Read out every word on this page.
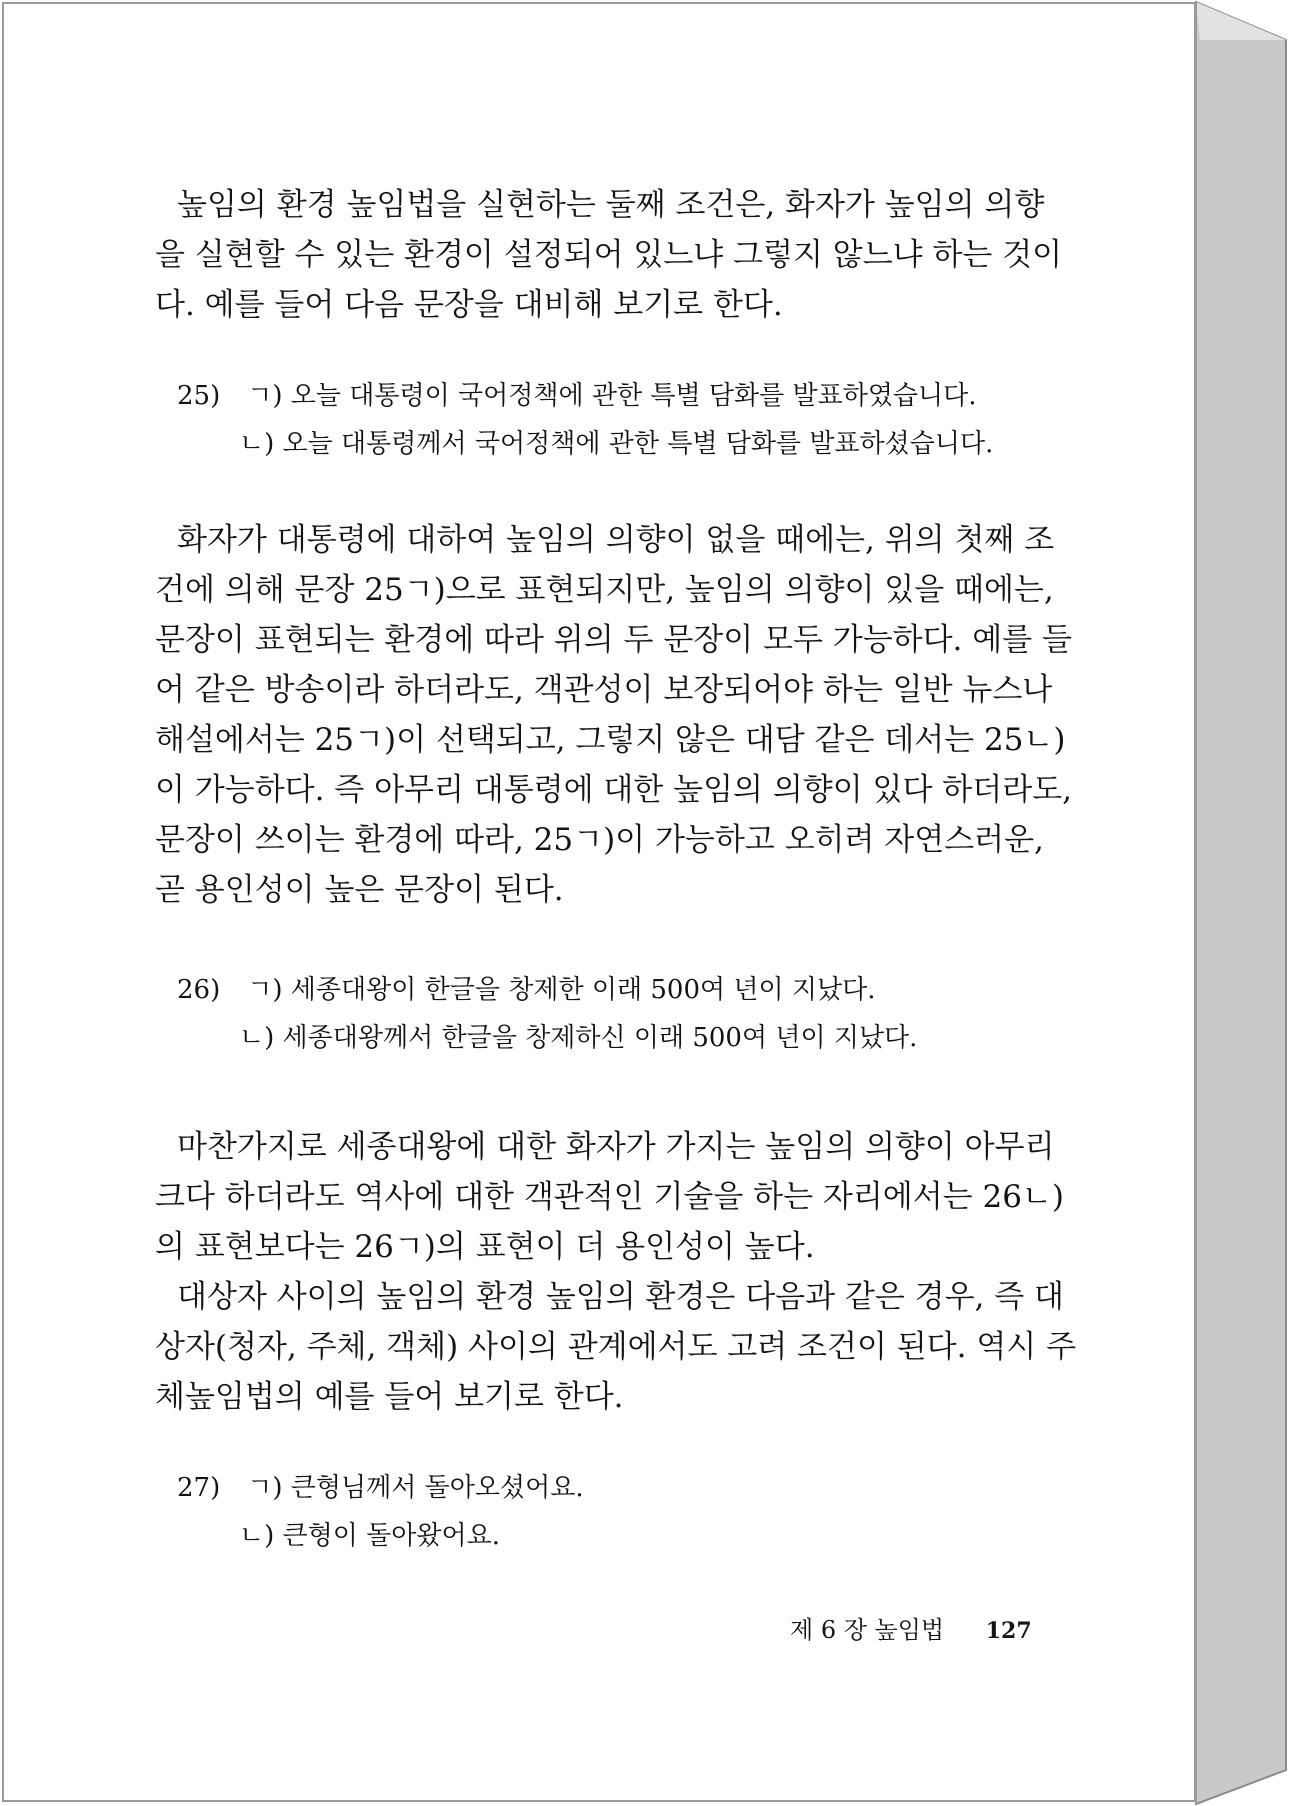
높임의 환경 높임법을 실현하는 둘째 조건은, 화자가 높임의 의향
을 실현할 수 있는 환경이 설정되어 있느냐 그렇지 않느냐 하는 것이
다. 예를 들어 다음 문장을 대비해 보기로 한다.

25) ㄱ) 오늘 대통령이 국어정책에 관한 특별 담화를 발표하였습니다.
ㄴ) 오늘 대통령께서 국어정책에 관한 특별 담화를 발표하셨습니다.

화자가 대통령에 대하여 높임의 의향이 없을 때에는, 위의 첫째 조
건에 의해 문장 25ㄱ)으로 표현되지만, 높임의 의향이 있을 때에는,
문장이 표현되는 환경에 따라 위의 두 문장이 모두 가능하다. 예를 들
어 같은 방송이라 하더라도, 객관성이 보장되어야 하는 일반 뉴스나
해설에서는 25ㄱ)이 선택되고, 그렇지 않은 대담 같은 데서는 25ㄴ)
이 가능하다. 즉 아무리 대통령에 대한 높임의 의향이 있다 하더라도,
문장이 쓰이는 환경에 따라, 25ㄱ)이 가능하고 오히려 자연스러운,
곧 용인성이 높은 문장이 된다.

26) ㄱ) 세종대왕이 한글을 창제한 이래 500여 년이 지났다.
ㄴ) 세종대왕께서 한글을 창제하신 이래 500여 년이 지났다.

마찬가지로 세종대왕에 대한 화자가 가지는 높임의 의향이 아무리
크다 하더라도 역사에 대한 객관적인 기술을 하는 자리에서는 26ㄴ)
의 표현보다는 26ㄱ)의 표현이 더 용인성이 높다.

대상자 사이의 높임의 환경 높임의 환경은 다음과 같은 경우, 즉 대
상자(청자, 주체, 객체) 사이의 관계에서도 고려 조건이 된다. 역시 주
체높임법의 예를 들어 보기로 한다.

27) ㄱ) 큰형님께서 돌아오셨어요.
ㄴ) 큰형이 돌아왔어요.
제 6 장 높임법 127
